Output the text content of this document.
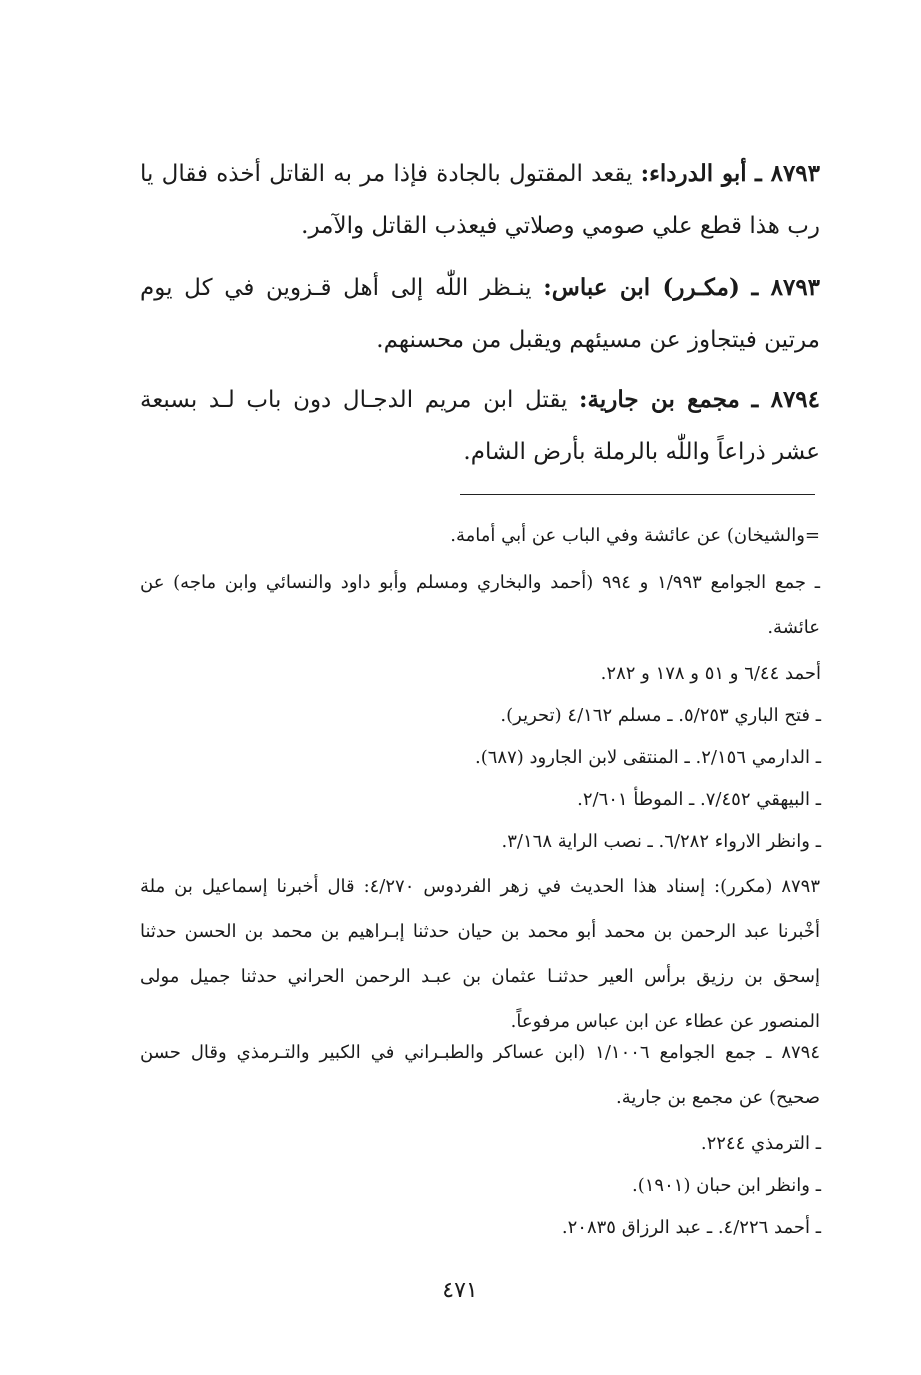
٨٧٩٣ ـ أبو الدرداء: يقعد المقتول بالجادة فإذا مر به القاتل أخذه فقال يا رب هذا قطع علي صومي وصلاتي فيعذب القاتل والآمر.
٨٧٩٣ ـ (مكـرر) ابن عباس: ينـظر اللّٰه إلى أهل قـزوين في كل يوم مرتين فيتجاوز عن مسيئهم ويقبل من محسنهم.
٨٧٩٤ ـ مجمع بن جارية: يقتل ابن مريم الدجـال دون باب لـد بسبعة عشر ذراعاً واللّٰه بالرملة بأرض الشام.
=والشيخان) عن عائشة وفي الباب عن أبي أمامة.
ـ جمع الجوامع ١/٩٩٣ و ٩٩٤ (أحمد والبخاري ومسلم وأبو داود والنسائي وابن ماجه) عن عائشة.
أحمد ٦/٤٤ و ٥١ و ١٧٨ و ٢٨٢.
ـ فتح الباري ٥/٢٥٣. ـ مسلم ٤/١٦٢ (تحرير).
ـ الدارمي ٢/١٥٦. ـ المنتقى لابن الجارود (٦٨٧).
ـ البيهقي ٧/٤٥٢. ـ الموطأ ٢/٦٠١.
ـ وانظر الارواء ٦/٢٨٢. ـ نصب الراية ٣/١٦٨.
٨٧٩٣ (مكرر): إسناد هذا الحديث في زهر الفردوس ٤/٢٧٠: قال أخبرنا إسماعيل بن ملة أخْبرنا عبد الرحمن بن محمد أبو محمد بن حيان حدثنا إبـراهيم بن محمد بن الحسن حدثنا إسحق بن رزيق برأس العير حدثنـا عثمان بن عبـد الرحمن الحراني حدثنا جميل مولى المنصور عن عطاء عن ابن عباس مرفوعاً.
٨٧٩٤ ـ جمع الجوامع ١/١٠٠٦ (ابن عساكر والطبـراني في الكبير والتـرمذي وقال حسن صحيح) عن مجمع بن جارية.
ـ الترمذي ٢٢٤٤.
ـ وانظر ابن حبان (١٩٠١).
ـ أحمد ٤/٢٢٦. ـ عبد الرزاق ٢٠٨٣٥.
٤٧١
